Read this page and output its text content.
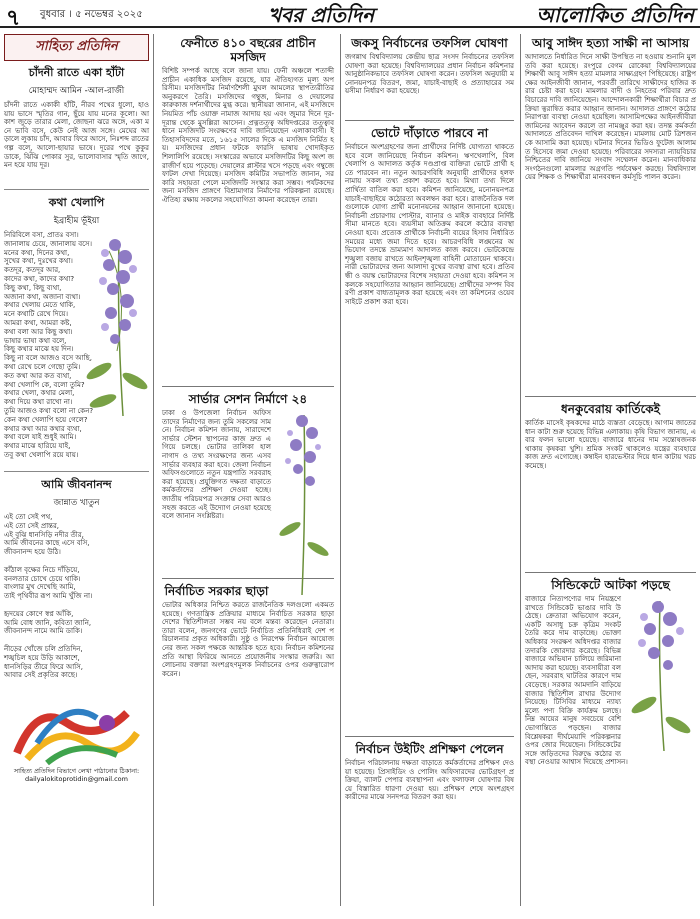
৭ বুধবার । ৫ নভেম্বর ২০২৫	খবর প্রতিদিন	আলোকিত প্রতিদিন
সাহিত্য প্রতিদিন
চাঁদনী রাতে একা হাঁটা
মোহাম্মদ আমিন -আল-রাজী
চাঁদনী রাতে একাকী হাঁটি, নীরব পথের ধুলো, হাওয়ায় ভাসে স্মৃতির গান, ছুঁয়ে যায় মনের কূলো। আকাশ জুড়ে তারার মেলা, জোছনা ঝরে অঙ্গে, একা মনে ভাবি বসে, কেউ নেই আজ সঙ্গে। মেঘের আড়ালে লুকায় চাঁদ, আবার ফিরে আসে, নিঃশব্দ রাতের গল্প বলে, আলো-ছায়ার ভাষে। দূরের পথে কুকুর ডাকে, ঝিঁঝি পোকার সুর, ভালোবাসার স্মৃতি জাগে, মন হয়ে যায় দূর।
কথা খেলাপি
ইব্রাহীম ভূঁইয়া
নিরিবিলে বসা, প্রাতঃ বসা।
জানালায় চেয়ে, জানালায় বসে।
মনের কথা, দিনের কথা,
সুখের কথা, দুঃখের কথা।
কতদূর, কতদূর আর,
কাদের কথা, কাদের কথা?
কিছু কথা, কিছু ব্যথা,
অজানা কথা, অজানা ব্যথা।
কথার খেলায় মেতে থাকি,
মনে কথাটি রেখে দিয়ে।
আমরা কথা, আমরা কষ্ট,
কথা বলা আর কিছু কথা।
ভাষার ভাষা কথা বলে,
কিছু কথার মাঝে হয় দিন।
কিছু না বলে আজও বসে আছি,
কথা রেখে চলে গেছো তুমি।
কত কথা আর কত ব্যথা,
কথা খেলাপি কে, বলো তুমি?
কথার খেলা, কথার মেলা,
কথা দিয়ে কথা রাখো না।
তুমি আজও কথা বলো না কেন?
কেন কথা খেলাপি হয়ে গেলে?
কথার কথা আর কথার ব্যথা,
কথা বলে যাই শুধুই আমি।
কথার মাঝে হারিয়ে যাই,
তবু কথা খেলাপি রয়ে যায়।
আমি জীবনানন্দ
জান্নাত খাতুন
এই তো সেই পথ,
এই তো সেই প্রান্তর,
এই বুঝি ধানসিড়ি নদীর তীর,
আমি জীবনের কাছে এসে বসি,
জীবনানন্দ হয়ে উঠি।

কাঁঠাল বৃক্ষের নিচে দাঁড়িয়ে,
বনলতার চোখে চেয়ে থাকি।
বাংলার মুখ দেখেছি আমি,
তাই পৃথিবীর রূপ আমি খুঁজি না।

হৃদয়ের কোণে স্বপ্ন আঁকি,
আমি বোধ জানি, কবিতা জানি,
জীবনানন্দ নামে আমি ডাকি।

নীড়ের খোঁজে চলি প্রতিদিন,
শঙ্খচিল হয়ে উড়ি আকাশে,
ধানসিড়ির তীরে ফিরে আসি,
আবার সেই প্রকৃতির কাছে।
সাহিত্য প্রতিদিন বিভাগে লেখা পাঠানোর ঠিকানা:
dailyalokitoprotidin@gmail.com
ফেনীতে ৪১০ বছরের প্রাচীন মসজিদ
বিশিষ্ট সম্পর্ক আছে বলে জানা যায়। ফেনী অঞ্চলে শতাব্দী প্রাচীন একাধিক মসজিদ রয়েছে, যার ঐতিহ্যগত মূল্য অপরিসীম। মসজিদটির নির্মাণশৈলী মুঘল আমলের স্থাপত্যরীতির অনুকরণে তৈরি। মসজিদের গম্বুজ, মিনার ও দেয়ালের কারুকাজ দর্শনার্থীদের মুগ্ধ করে। স্থানীয়রা জানান, এই মসজিদে নিয়মিত পাঁচ ওয়াক্ত নামাজ আদায় হয় এবং জুমার দিনে দূর-দূরান্ত থেকে মুসল্লিরা আসেন। প্রত্নতত্ত্ব অধিদপ্তরের তত্ত্বাবধানে মসজিদটি সংরক্ষণের দাবি জানিয়েছেন এলাকাবাসী। ইতিহাসবিদদের মতে, ১৬১৫ সালের দিকে এ মসজিদ নির্মিত হয়। মসজিদের প্রধান ফটকে ফারসি ভাষায় খোদাইকৃত শিলালিপি রয়েছে। সংস্কারের অভাবে মসজিদটির কিছু অংশ জরাজীর্ণ হয়ে পড়েছে। দেয়ালের প্লাস্টার খসে পড়ছে এবং গম্বুজে ফাটল দেখা দিয়েছে। মসজিদ কমিটির সভাপতি জানান, সরকারি সহায়তা পেলে মসজিদটি সংস্কার করা সম্ভব। পর্যটকদের জন্য মসজিদ প্রাঙ্গণে বিশ্রামাগার নির্মাণের পরিকল্পনা রয়েছে। ঐতিহ্য রক্ষায় সকলের সহযোগিতা কামনা করেছেন তারা।
সার্ভার সেশন নির্মাণে ২৪
ঢাকা ও উপজেলা নির্বাচন অফিস তাদের নির্মাণের জন্য তুমি সকলের সামনে। নির্বাচন কমিশন জানায়, সারাদেশে সার্ভার স্টেশন স্থাপনের কাজ দ্রুত এগিয়ে চলছে। ভোটার তালিকা হালনাগাদ ও তথ্য সংরক্ষণের জন্য এসব সার্ভার ব্যবহার করা হবে। জেলা নির্বাচন অফিসগুলোতে নতুন যন্ত্রপাতি সরবরাহ করা হয়েছে। প্রযুক্তিগত দক্ষতা বাড়াতে কর্মকর্তাদের প্রশিক্ষণ দেওয়া হচ্ছে। জাতীয় পরিচয়পত্র সংক্রান্ত সেবা আরও সহজ করতে এই উদ্যোগ নেওয়া হয়েছে বলে জানান সংশ্লিষ্টরা।
নির্বাচিত সরকার ছাড়া
ভোটার অধিকার নিশ্চিত করতে রাজনৈতিক দলগুলো একমত হয়েছে। গণতান্ত্রিক প্রক্রিয়ার মাধ্যমে নির্বাচিত সরকার ছাড়া দেশের স্থিতিশীলতা সম্ভব নয় বলে মন্তব্য করেছেন নেতারা। তারা বলেন, জনগণের ভোটে নির্বাচিত প্রতিনিধিরাই দেশ পরিচালনার প্রকৃত অধিকারী। সুষ্ঠু ও নিরপেক্ষ নির্বাচন আয়োজনের জন্য সকল পক্ষকে আন্তরিক হতে হবে। নির্বাচন কমিশনের প্রতি আস্থা ফিরিয়ে আনতে প্রয়োজনীয় সংস্কার জরুরি। আলোচনায় বক্তারা অংশগ্রহণমূলক নির্বাচনের ওপর গুরুত্বারোপ করেন।
জকসু নির্বাচনের তফসিল ঘোষণা
জগন্নাথ বিশ্ববিদ্যালয় কেন্দ্রীয় ছাত্র সংসদ নির্বাচনের তফসিল ঘোষণা করা হয়েছে। বিশ্ববিদ্যালয়ের প্রধান নির্বাচন কমিশনার আনুষ্ঠানিকভাবে তফসিল ঘোষণা করেন। তফসিল অনুযায়ী মনোনয়নপত্র বিতরণ, জমা, যাচাই-বাছাই ও প্রত্যাহারের সময়সীমা নির্ধারণ করা হয়েছে।
ভোটে দাঁড়াতে পারবে না
নির্বাচনে অংশগ্রহণের জন্য প্রার্থীদের নির্দিষ্ট যোগ্যতা থাকতে হবে বলে জানিয়েছে নির্বাচন কমিশন। ঋণখেলাপি, বিলখেলাপি ও আদালত কর্তৃক দণ্ডপ্রাপ্ত ব্যক্তিরা ভোটে প্রার্থী হতে পারবেন না। নতুন আচরণবিধি অনুযায়ী প্রার্থীদের হলফনামায় সকল তথ্য প্রকাশ করতে হবে। মিথ্যা তথ্য দিলে প্রার্থিতা বাতিল করা হবে। কমিশন জানিয়েছে, মনোনয়নপত্র যাচাই-বাছাইয়ে কঠোরতা অবলম্বন করা হবে। রাজনৈতিক দলগুলোকে যোগ্য প্রার্থী মনোনয়নের আহ্বান জানানো হয়েছে। নির্বাচনী প্রচারণায় পোস্টার, ব্যানার ও মাইক ব্যবহারে নির্দিষ্ট সীমা মানতে হবে। ব্যয়সীমা অতিক্রম করলে কঠোর ব্যবস্থা নেওয়া হবে। প্রত্যেক প্রার্থীকে নির্বাচনী ব্যয়ের হিসাব নির্ধারিত সময়ের মধ্যে জমা দিতে হবে। আচরণবিধি লঙ্ঘনের অভিযোগ তদন্তে ভ্রাম্যমাণ আদালত কাজ করবে। ভোটকেন্দ্রে শৃঙ্খলা বজায় রাখতে আইনশৃঙ্খলা বাহিনী মোতায়েন থাকবে। নারী ভোটারদের জন্য আলাদা বুথের ব্যবস্থা রাখা হবে। প্রতিবন্ধী ও বয়স্ক ভোটারদের বিশেষ সহায়তা দেওয়া হবে। কমিশন সকলকে সহযোগিতার আহ্বান জানিয়েছে। প্রার্থীদের সম্পদ বিবরণী প্রকাশ বাধ্যতামূলক করা হয়েছে এবং তা কমিশনের ওয়েবসাইটে প্রকাশ করা হবে।
নির্বাচন উইটিং প্রশিক্ষণ পেলেন
নির্বাচন পরিচালনায় দক্ষতা বাড়াতে কর্মকর্তাদের প্রশিক্ষণ দেওয়া হয়েছে। প্রিসাইডিং ও পোলিং অফিসারদের ভোটগ্রহণ প্রক্রিয়া, ব্যালট পেপার ব্যবস্থাপনা এবং ফলাফল ঘোষণার বিষয়ে বিস্তারিত ধারণা দেওয়া হয়। প্রশিক্ষণ শেষে অংশগ্রহণকারীদের মাঝে সনদপত্র বিতরণ করা হয়।
আবু সাঈদ হত্যা সাক্ষী না আসায়
আদালতে নির্ধারিত দিনে সাক্ষী উপস্থিত না হওয়ায় শুনানি মুলতবি করা হয়েছে। রংপুরে বেগম রোকেয়া বিশ্ববিদ্যালয়ের শিক্ষার্থী আবু সাঈদ হত্যা মামলার সাক্ষ্যগ্রহণ পিছিয়েছে। রাষ্ট্রপক্ষের আইনজীবী জানান, পরবর্তী তারিখে সাক্ষীদের হাজির করার চেষ্টা করা হবে। মামলার বাদী ও নিহতের পরিবার দ্রুত বিচারের দাবি জানিয়েছেন। আন্দোলনকারী শিক্ষার্থীরা বিচার প্রক্রিয়া ত্বরান্বিত করার আহ্বান জানান। আদালত প্রাঙ্গণে কঠোর নিরাপত্তা ব্যবস্থা নেওয়া হয়েছিল। আসামিপক্ষের আইনজীবীরা জামিনের আবেদন করলে তা নামঞ্জুর করা হয়। তদন্ত কর্মকর্তা আদালতে প্রতিবেদন দাখিল করেছেন। মামলায় মোট ত্রিশজনকে আসামি করা হয়েছে। ঘটনার দিনের ভিডিও ফুটেজ আলামত হিসেবে জমা দেওয়া হয়েছে। পরিবারের সদস্যরা ন্যায়বিচার নিশ্চিতের দাবি জানিয়ে সংবাদ সম্মেলন করেন। মানবাধিকার সংগঠনগুলো মামলার অগ্রগতি পর্যবেক্ষণ করছে। বিশ্ববিদ্যালয়ের শিক্ষক ও শিক্ষার্থীরা মানববন্ধন কর্মসূচি পালন করেন।
ধনকুবেরায় কার্তিকেই
কার্তিক মাসেই কৃষকদের মাঠে ব্যস্ততা বেড়েছে। আগাম জাতের ধান কাটা শুরু হয়েছে বিভিন্ন এলাকায়। কৃষি বিভাগ জানায়, এবার ফলন ভালো হয়েছে। বাজারে ধানের দাম সন্তোষজনক থাকায় কৃষকরা খুশি। শ্রমিক সংকট থাকলেও যন্ত্রের ব্যবহারে কাজ দ্রুত এগোচ্ছে। কম্বাইন হারভেস্টার দিয়ে ধান কাটায় খরচ কমেছে।
সিন্ডিকেটে আটকা পড়ছে
বাজারে নিত্যপণ্যের দাম নিয়ন্ত্রণে রাখতে সিন্ডিকেট ভাঙার দাবি উঠেছে। ক্রেতারা অভিযোগ করেন, একটি অসাধু চক্র কৃত্রিম সংকট তৈরি করে দাম বাড়াচ্ছে। ভোক্তা অধিকার সংরক্ষণ অধিদপ্তর বাজার তদারকি জোরদার করেছে। বিভিন্ন বাজারে অভিযান চালিয়ে জরিমানা আদায় করা হয়েছে। ব্যবসায়ীরা বলছেন, সরবরাহ ঘাটতির কারণে দাম বেড়েছে। সরকার আমদানি বাড়িয়ে বাজার স্থিতিশীল রাখার উদ্যোগ নিয়েছে। টিসিবির মাধ্যমে ন্যায্যমূল্যে পণ্য বিক্রি কার্যক্রম চলছে। নিম্ন আয়ের মানুষ সবচেয়ে বেশি ভোগান্তিতে পড়ছেন। বাজার বিশ্লেষকরা দীর্ঘমেয়াদি পরিকল্পনার ওপর জোর দিয়েছেন। সিন্ডিকেটের সঙ্গে জড়িতদের বিরুদ্ধে কঠোর ব্যবস্থা নেওয়ার আশ্বাস দিয়েছে প্রশাসন।
